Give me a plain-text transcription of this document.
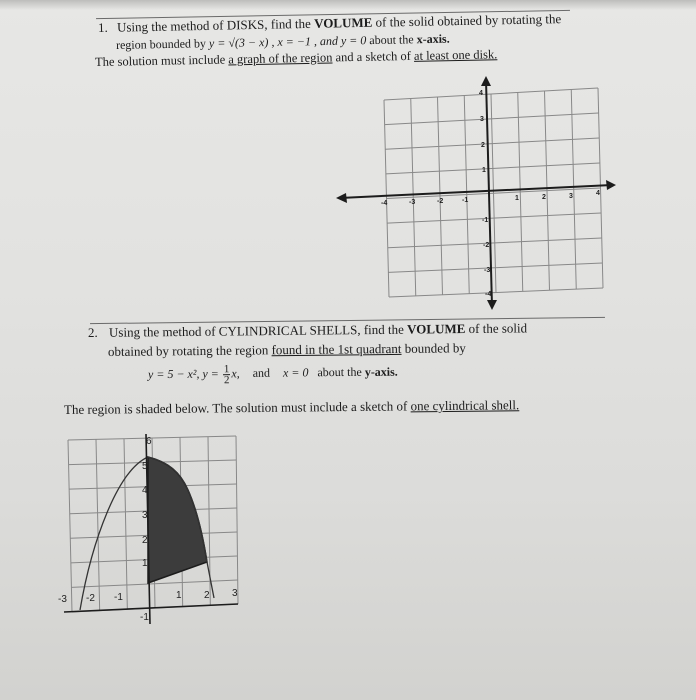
1. Using the method of DISKS, find the VOLUME of the solid obtained by rotating the
region bounded by y = √(3 − x) , x = −1 , and y = 0 about the x-axis.
The solution must include a graph of the region and a sketch of at least one disk.
-4	-3	-2	-1	1	2	3	4
4
3
2
1
-1
-2
-3
-4
2. Using the method of CYLINDRICAL SHELLS, find the VOLUME of the solid
obtained by rotating the region found in the 1st quadrant bounded by
y = 5 − x², $y = \frac{1}{2} x$, and x = 0 about the y-axis.
The region is shaded below. The solution must include a sketch of one cylindrical shell.
-3 -2 -1	1 2 3
6
5
4
3
2
1
-1
